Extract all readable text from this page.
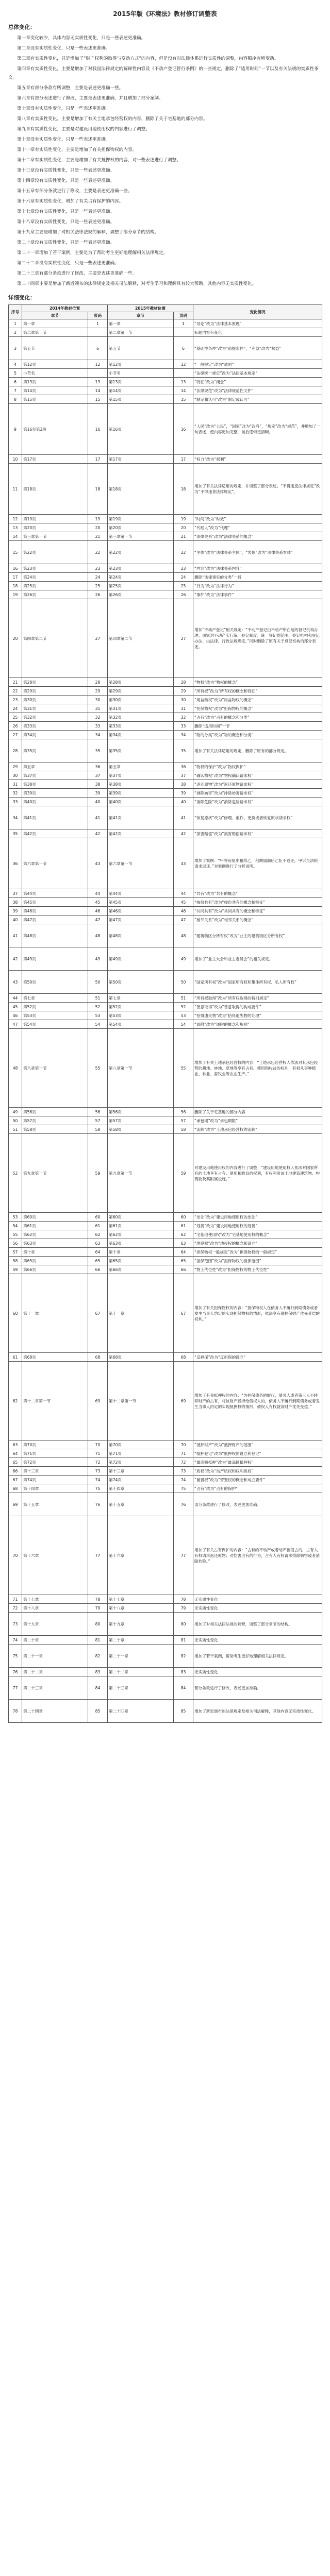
2015年版《环境法》教材修订调整表
总体变化：

第一章变化较少，具体内容无实质性变化，只是一些表述更准确。

第二章没有实质性变化，只是一些表述更准确。

第三章有实质性变化，只是增加了“财产权利的取得与变动方式”的内容，但是没有对法律体系进行实质性的调整，内容顺序有所变动。

第四章有实质性变化，主要是增加了对我国法律规定的解释性内容及《不动产登记暂行条例》的一些规定，删除了“适用时间”一节以及有关法规的实质性条文。

第五章有部分条款有所调整，主要是表述更准确一些。

第六章有部分表述进行了修改，主要是表述更准确，并且增加了部分案例。

第七章没有实质性变化，只是一些表述更准确。

第八章有实质性变化，主要是增加了有关土地承包经营权的内容，删除了关于宅基地的部分内容。

第九章有实质性变化，主要是对建设用地使用权的内容进行了调整。

第十章没有实质性变化，只是一些表述更准确。

第十一章有实质性变化，主要是增加了有关担保物权的内容。

第十二章有实质性变化，主要是增加了有关抵押权的内容，对一些表述进行了调整。

第十三章没有实质性变化，只是一些表述更准确。

第十四章没有实质性变化，只是一些表述更准确。

第十五章有部分条款进行了修改，主要是表述更准确一些。

第十六章有实质性变化，增加了有关占有保护的内容。

第十七章没有实质性变化，只是一些表述更准确。

第十八章没有实质性变化，只是一些表述更准确。

第十九章主要是增加了对相关法律法规的解释，调整了部分章节的结构。

第二十章没有实质性变化，只是一些表述更准确。

第二十一章增加了若干案例，主要是为了帮助考生更好地理解相关法律规定。

第二十二章没有实质性变化，只是一些表述更准确。

第二十三章有部分条款进行了修改，主要是表述更准确一些。

第二十四章主要是增加了新近颁布的法律规定及相关司法解释，对考生学习和理解具有较大帮助，其他内容无实质性变化。

详细变化：
序号	2014年教材位置		2015年教材位置		变化情况
	章节	页码	章节	页码	
1	第一章	1	第一章	1	“导论”改为“法律基本原理”
2	第二章第一节		第二章第一节		标题内容有变化
3	第五节	6	第五节	6	“基础性条件”改为“前提条件”，“利益”改为“权益”
4	第12页	12	第12页	12	“一般规定”改为“通则”
5	小节名		小节名		“法律统一规定”改为“法律基本规定”
6	第13页	13	第13页	13	“特征”改为“概念”
7	第14页	14	第14页	14	“法律规范”改为“法律规范性文件”
8	第15页	15	第15页	15	“制定和认可”改为“制定或认可”
9	第16页第3段	16	第16页	16	“人民”改为“公民”，“国家”改为“政府”，“规定”改为“规范”，并增加了一句表述，使内容更加完整，前后逻辑更清晰。
10	第17页	17	第17页	17	“权力”改为“权利”
11	第18页	18	第18页	18	增加了有关法律适用的规定，并调整了部分表述。“不得违反法律规定”改为“不得违背法律规定”。
12	第19页	19	第19页	19	“时间”改为“时效”
13	第20页	20	第20页	20	“代理人”改为“代理”
14	第三章第一节	21	第三章第一节	21	“法律关系”改为“法律关系的概念”
15	第22页	22	第22页	22	“主体”改为“法律关系主体”，“客体”改为“法律关系客体”
16	第23页	23	第23页	23	“内容”改为“法律关系内容”
17	第24页	24	第24页	24	删除“法律事实的分类”一段
18	第25页	25	第25页	25	“行为”改为“法律行为”
19	第26页	26	第26页	26	“事件”改为“法律事件”
20	第四章第二节	27	第四章第二节	27	增加“不动产登记”相关规定：“不动产登记由不动产所在地的登记机构办理。国家对不动产实行统一登记制度。统一登记的范围、登记机构和登记办法，由法律、行政法规规定。”同时删除了原有关于登记机构的部分表述。
21	第28页	28	第28页	28	“物权”改为“物权的概念”
22	第29页	29	第29页	29	“所有权”改为“所有权的概念和特征”
23	第30页	30	第30页	30	“用益物权”改为“用益物权的概念”
24	第31页	31	第31页	31	“担保物权”改为“担保物权的概念”
25	第32页	32	第32页	32	“占有”改为“占有的概念和分类”
26	第33页	33	第33页	33	删除“适用时间”一节
27	第34页	34	第34页	34	“物的分类”改为“物的概念和分类”
28	第35页	35	第35页	35	增加了有关法律适用的规定，删除了原有的部分规定。
29	第五章	36	第五章	36	“物权的保护”改为“物权保护”
30	第37页	37	第37页	37	“确认物权”改为“物权确认请求权”
31	第38页	38	第38页	38	“返还原物”改为“返还原物请求权”
32	第39页	39	第39页	39	“排除妨害”改为“排除妨害请求权”
33	第40页	40	第40页	40	“消除危险”改为“消除危险请求权”
34	第41页	41	第41页	41	“恢复原状”改为“修理、重作、更换或者恢复原状请求权”
35	第42页	42	第42页	42	“损害赔偿”改为“损害赔偿请求权”
36	第六章第一节	43	第六章第一节	43	增加了案例：“甲将房屋出租给乙，租期届满后乙拒不返还，甲诉至法院请求返还。”对案例进行了分析说明。
37	第44页	44	第44页	44	“共有”改为“共有的概念”
38	第45页	45	第45页	45	“按份共有”改为“按份共有的概念和特征”
39	第46页	46	第46页	46	“共同共有”改为“共同共有的概念和特征”
40	第47页	47	第47页	47	“相邻关系”改为“相邻关系的概念”
41	第48页	48	第48页	48	“建筑物区分所有权”改为“业主的建筑物区分所有权”
42	第49页	49	第49页	49	增加了“业主大会和业主委员会”的相关规定。
43	第50页	50	第50页	50	“国家所有权”改为“国家所有权和集体所有权、私人所有权”
44	第七章	51	第七章	51	“所有权取得”改为“所有权取得的特别规定”
45	第52页	52	第52页	52	“善意取得”改为“善意取得的构成要件”
46	第53页	53	第53页	53	“拾得遗失物”改为“拾得遗失物的处理”
47	第54页	54	第54页	54	“添附”改为“添附的概念和规则”
48	第八章第一节	55	第八章第一节	55	增加了有关土地承包经营权的内容：“土地承包经营权人依法对其承包经营的耕地、林地、草地等享有占有、使用和收益的权利，有权从事种植业、林业、畜牧业等农业生产。”
49	第56页	56	第56页	56	删除了关于宅基地的部分内容
50	第57页	57	第57页	57	“承包期”改为“承包期限”
51	第58页	58	第58页	58	“流转”改为“土地承包经营权的流转”
52	第九章第一节	59	第九章第一节	59	对建设用地使用权的内容进行了调整：“建设用地使用权人依法对国家所有的土地享有占有、使用和收益的权利，有权利用该土地建造建筑物、构筑物及其附属设施。”
53	第60页	60	第60页	60	“出让”改为“建设用地使用权的出让”
54	第61页	61	第61页	61	“划拨”改为“建设用地使用权的划拨”
55	第62页	62	第62页	62	“宅基地使用权”改为“宅基地使用权的概念”
56	第63页	63	第63页	63	“地役权”改为“地役权的概念和设立”
57	第十章	64	第十章	64	“担保物权一般规定”改为“担保物权的一般规定”
58	第65页	65	第65页	65	“担保范围”改为“担保物权的担保范围”
59	第66页	66	第66页	66	“物上代位性”改为“担保物权的物上代位性”
60	第十一章	67	第十一章	67	增加了有关担保物权的内容：“担保物权人在债务人不履行到期债务或者发生当事人约定的实现担保物权的情形，依法享有就担保财产优先受偿的权利。”
61	第68页	68	第68页	68	“反担保”改为“反担保的设立”
62	第十二章第一节	69	第十二章第一节	69	增加了有关抵押权的内容：“为担保债务的履行，债务人或者第三人不转移财产的占有，将该财产抵押给债权人的，债务人不履行到期债务或者发生当事人约定的实现抵押权的情形，债权人有权就该财产优先受偿。”
63	第70页	70	第70页	70	“抵押财产”改为“抵押财产的范围”
64	第71页	71	第71页	71	“抵押登记”改为“抵押权的设立和登记”
65	第72页	72	第72页	72	“最高额抵押”改为“最高额抵押权”
66	第十三章	73	第十三章	73	“质权”改为“动产质权和权利质权”
67	第74页	74	第74页	74	“留置权”改为“留置权的概念和成立要件”
68	第十四章	75	第十四章	75	“占有”改为“占有的保护”
69	第十五章	76	第十五章	76	部分条款进行了修改，表述更加准确。
70	第十六章	77	第十六章	77	增加了有关占有保护的内容：“占有的不动产或者动产被侵占的，占有人有权请求返还原物；对妨害占有的行为，占有人有权请求排除妨害或者消除危险。”
71	第十七章	78	第十七章	78	无实质性变化
72	第十八章	79	第十八章	79	无实质性变化
73	第十九章	80	第十九章	80	增加了对相关法律法规的解释，调整了部分章节的结构。
74	第二十章	81	第二十章	81	无实质性变化
75	第二十一章	82	第二十一章	82	增加了若干案例，帮助考生更好地理解相关法律规定。
76	第二十二章	83	第二十二章	83	无实质性变化
77	第二十三章	84	第二十三章	84	部分条款进行了修改，表述更加准确。
78	第二十四章	85	第二十四章	85	增加了新近颁布的法律规定及相关司法解释，其他内容无实质性变化。
